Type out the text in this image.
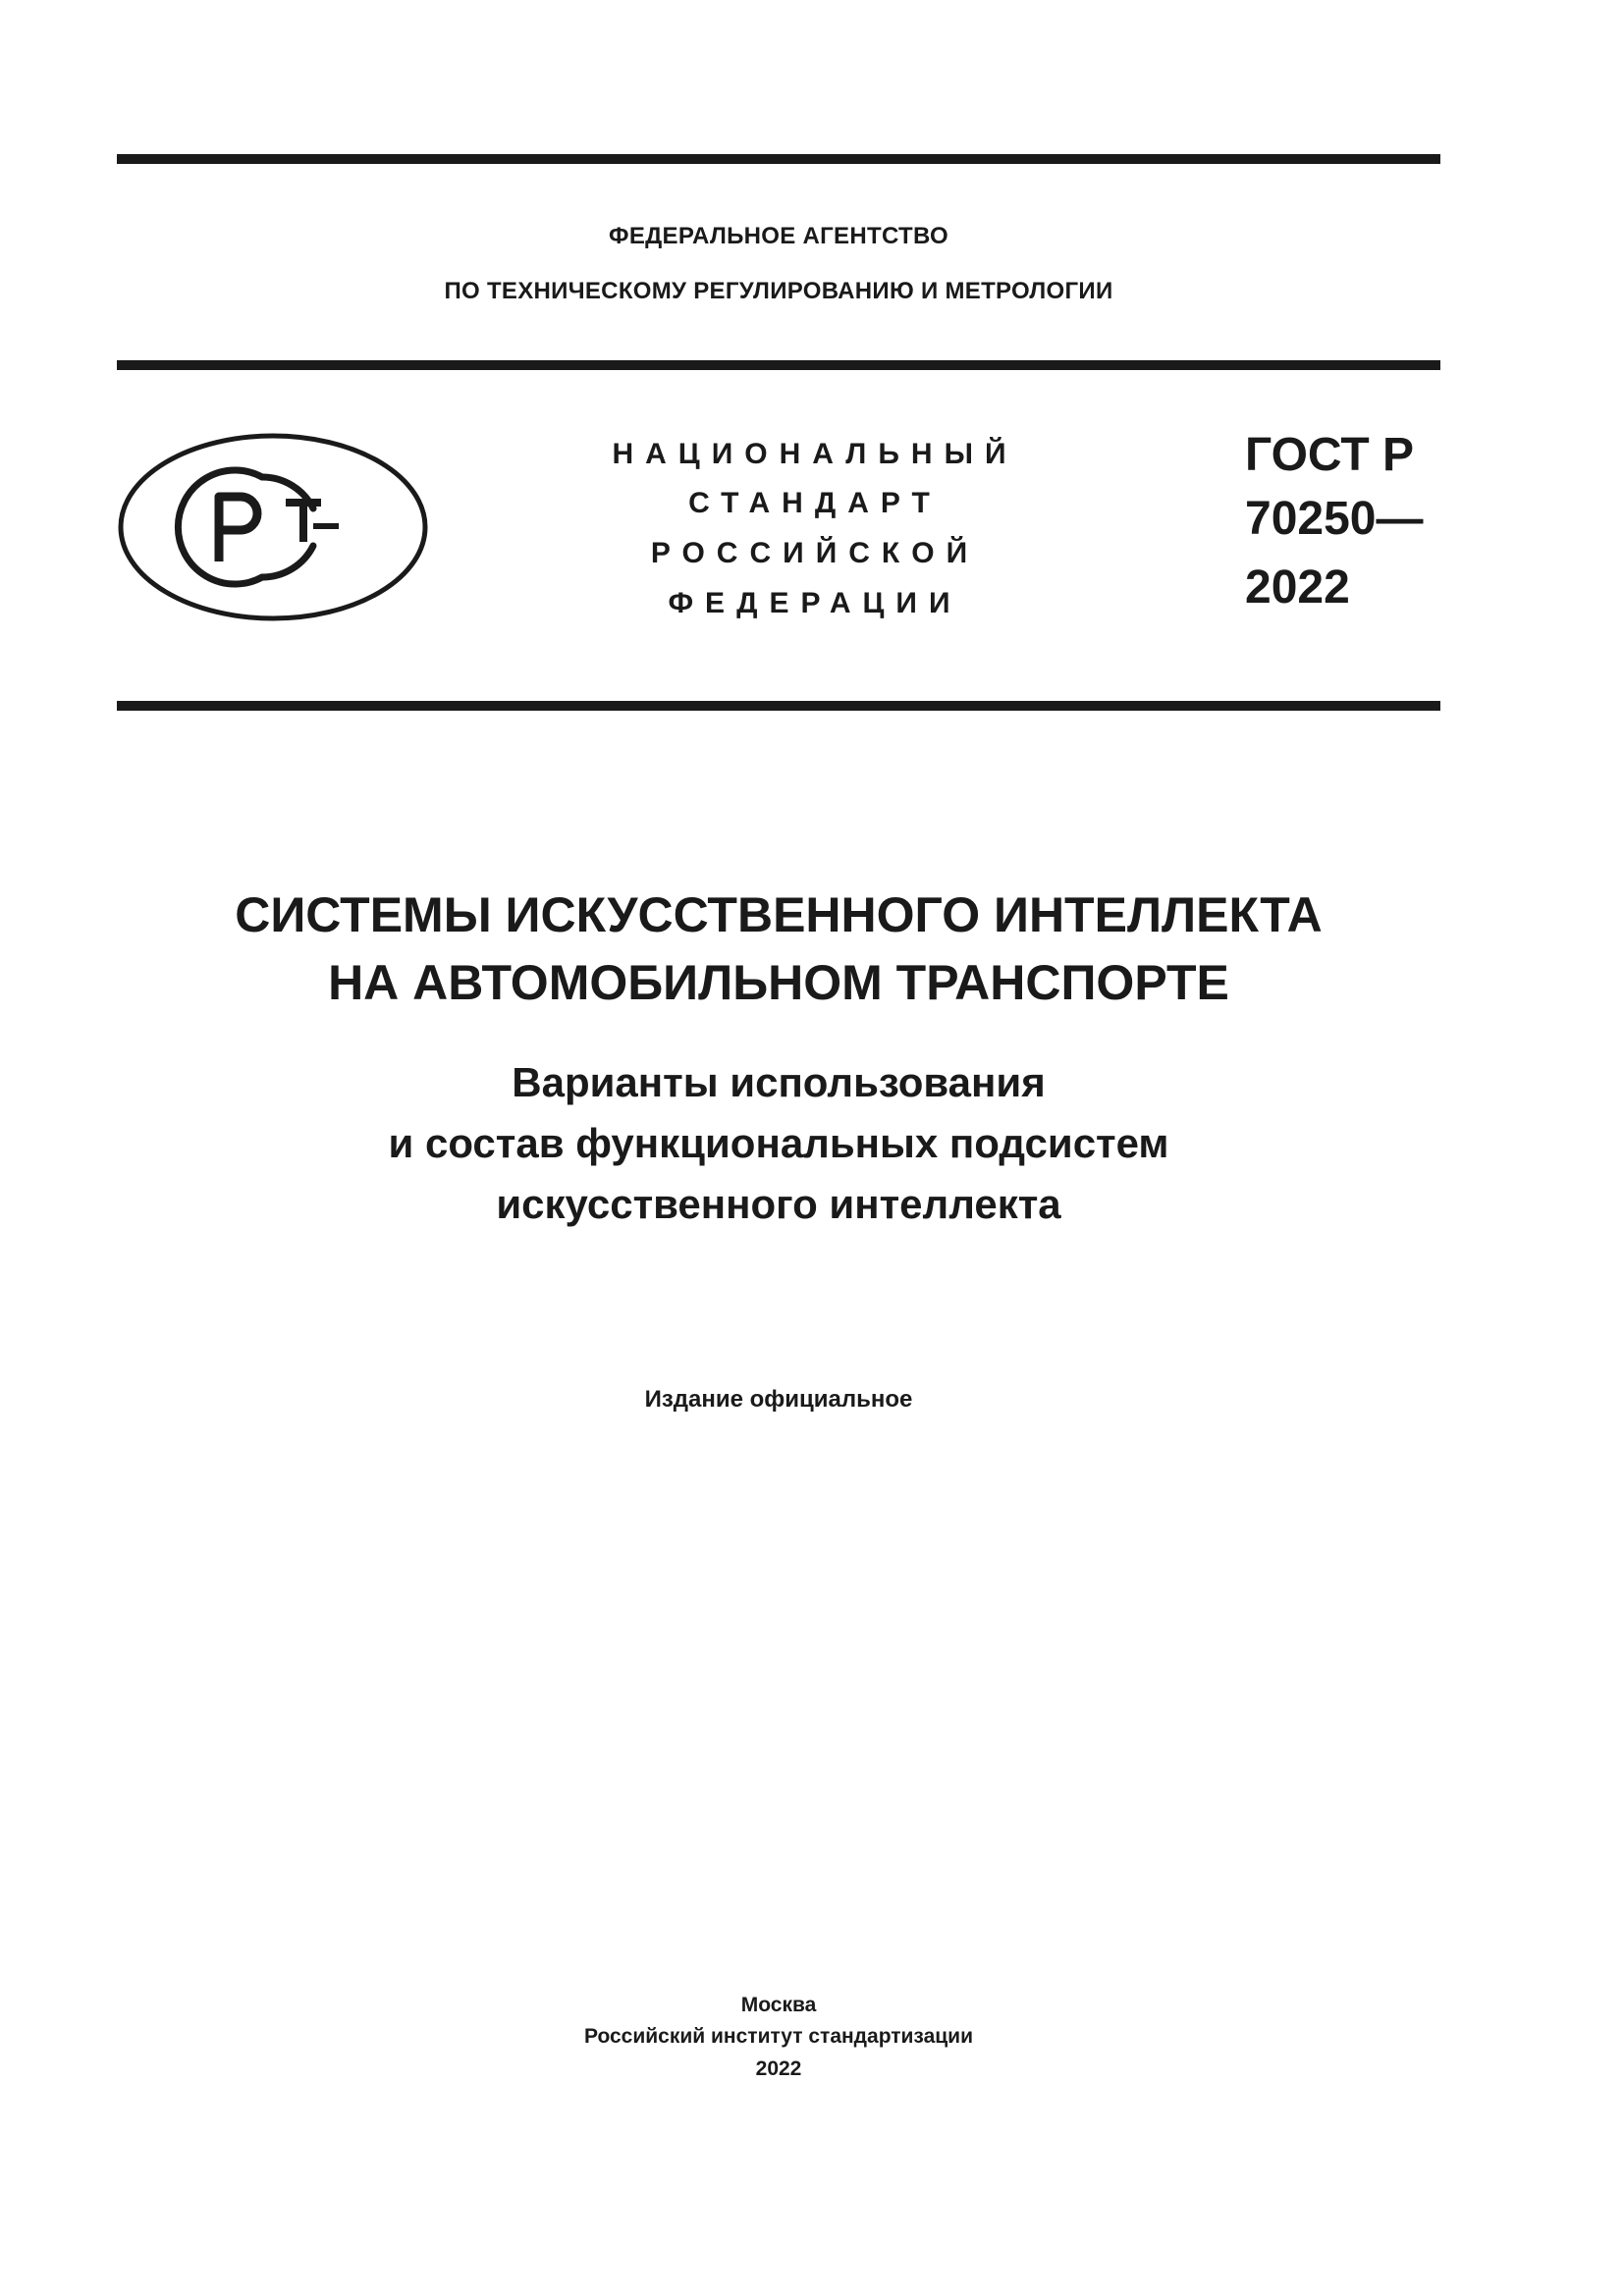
ФЕДЕРАЛЬНОЕ АГЕНТСТВО
ПО ТЕХНИЧЕСКОМУ РЕГУЛИРОВАНИЮ И МЕТРОЛОГИИ
НАЦИОНАЛЬНЫЙ
СТАНДАРТ
РОССИЙСКОЙ
ФЕДЕРАЦИИ
ГОСТ Р
70250—
2022
СИСТЕМЫ ИСКУССТВЕННОГО ИНТЕЛЛЕКТА
НА АВТОМОБИЛЬНОМ ТРАНСПОРТЕ
Варианты использования
и состав функциональных подсистем
искусственного интеллекта
Издание официальное
Москва
Российский институт стандартизации
2022
